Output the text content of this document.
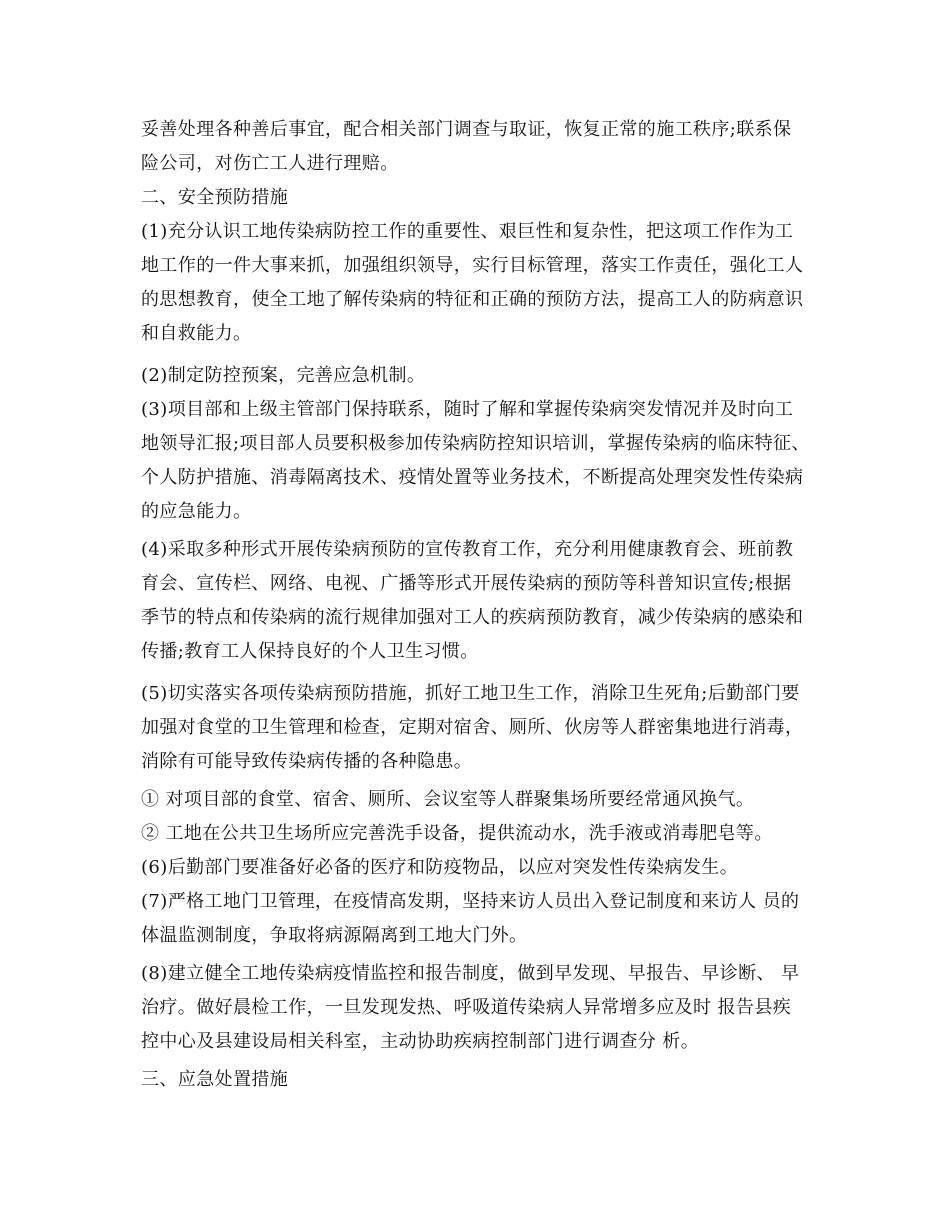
妥善处理各种善后事宜，配合相关部门调查与取证，恢复正常的施工秩序;联系保
险公司，对伤亡工人进行理赔。
二、安全预防措施
(1)充分认识工地传染病防控工作的重要性、艰巨性和复杂性，把这项工作作为工
地工作的一件大事来抓，加强组织领导，实行目标管理，落实工作责任，强化工人
的思想教育，使全工地了解传染病的特征和正确的预防方法，提高工人的防病意识
和自救能力。
(2)制定防控预案，完善应急机制。
(3)项目部和上级主管部门保持联系，随时了解和掌握传染病突发情况并及时向工
地领导汇报;项目部人员要积极参加传染病防控知识培训，掌握传染病的临床特征、
个人防护措施、消毒隔离技术、疫情处置等业务技术，不断提高处理突发性传染病
的应急能力。
(4)采取多种形式开展传染病预防的宣传教育工作，充分利用健康教育会、班前教
育会、宣传栏、网络、电视、广播等形式开展传染病的预防等科普知识宣传;根据
季节的特点和传染病的流行规律加强对工人的疾病预防教育，减少传染病的感染和
传播;教育工人保持良好的个人卫生习惯。
(5)切实落实各项传染病预防措施，抓好工地卫生工作，消除卫生死角;后勤部门要
加强对食堂的卫生管理和检查，定期对宿舍、厕所、伙房等人群密集地进行消毒，
消除有可能导致传染病传播的各种隐患。
① 对项目部的食堂、宿舍、厕所、会议室等人群聚集场所要经常通风换气。
② 工地在公共卫生场所应完善洗手设备，提供流动水，洗手液或消毒肥皂等。
(6)后勤部门要准备好必备的医疗和防疫物品，以应对突发性传染病发生。
(7)严格工地门卫管理，在疫情高发期，坚持来访人员出入登记制度和来访人 员的
体温监测制度，争取将病源隔离到工地大门外。
(8)建立健全工地传染病疫情监控和报告制度，做到早发现、早报告、早诊断、 早
治疗。做好晨检工作，一旦发现发热、呼吸道传染病人异常增多应及时 报告县疾
控中心及县建设局相关科室，主动协助疾病控制部门进行调查分 析。
三、应急处置措施
